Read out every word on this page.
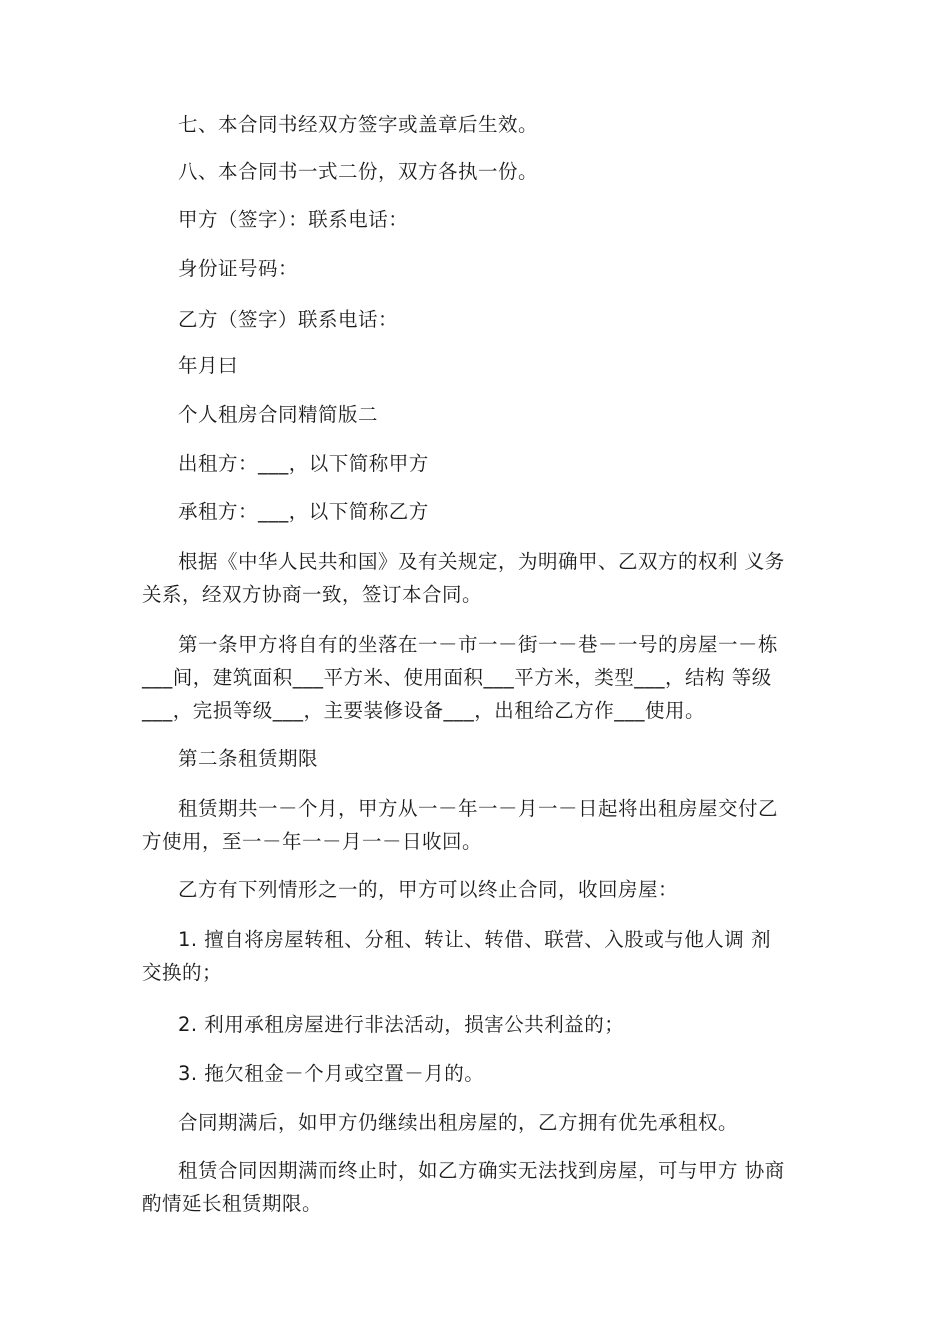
七、本合同书经双方签字或盖章后生效。
八、本合同书一式二份，双方各执一份。
甲方（签字）：联系电话：
身份证号码：
乙方（签字）联系电话：
年月曰
个人租房合同精简版二
出租方：___，以下简称甲方
承租方：___，以下简称乙方
根据《中华人民共和国》及有关规定，为明确甲、乙双方的权利 义务
关系，经双方协商一致，签订本合同。
第一条甲方将自有的坐落在一－市一－街一－巷－一号的房屋一－栋
___间，建筑面积___平方米、使用面积___平方米，类型___，结构 等级
___，完损等级___，主要装修设备___，出租给乙方作___使用。
第二条租赁期限
租赁期共一－个月，甲方从一－年一－月一－日起将出租房屋交付乙
方使用，至一－年一－月一－日收回。
乙方有下列情形之一的，甲方可以终止合同，收回房屋：
1. 擅自将房屋转租、分租、转让、转借、联营、入股或与他人调 剂
交换的；
2. 利用承租房屋进行非法活动，损害公共利益的；
3. 拖欠租金－个月或空置－月的。
合同期满后，如甲方仍继续出租房屋的，乙方拥有优先承租权。
租赁合同因期满而终止时，如乙方确实无法找到房屋，可与甲方 协商
酌情延长租赁期限。
